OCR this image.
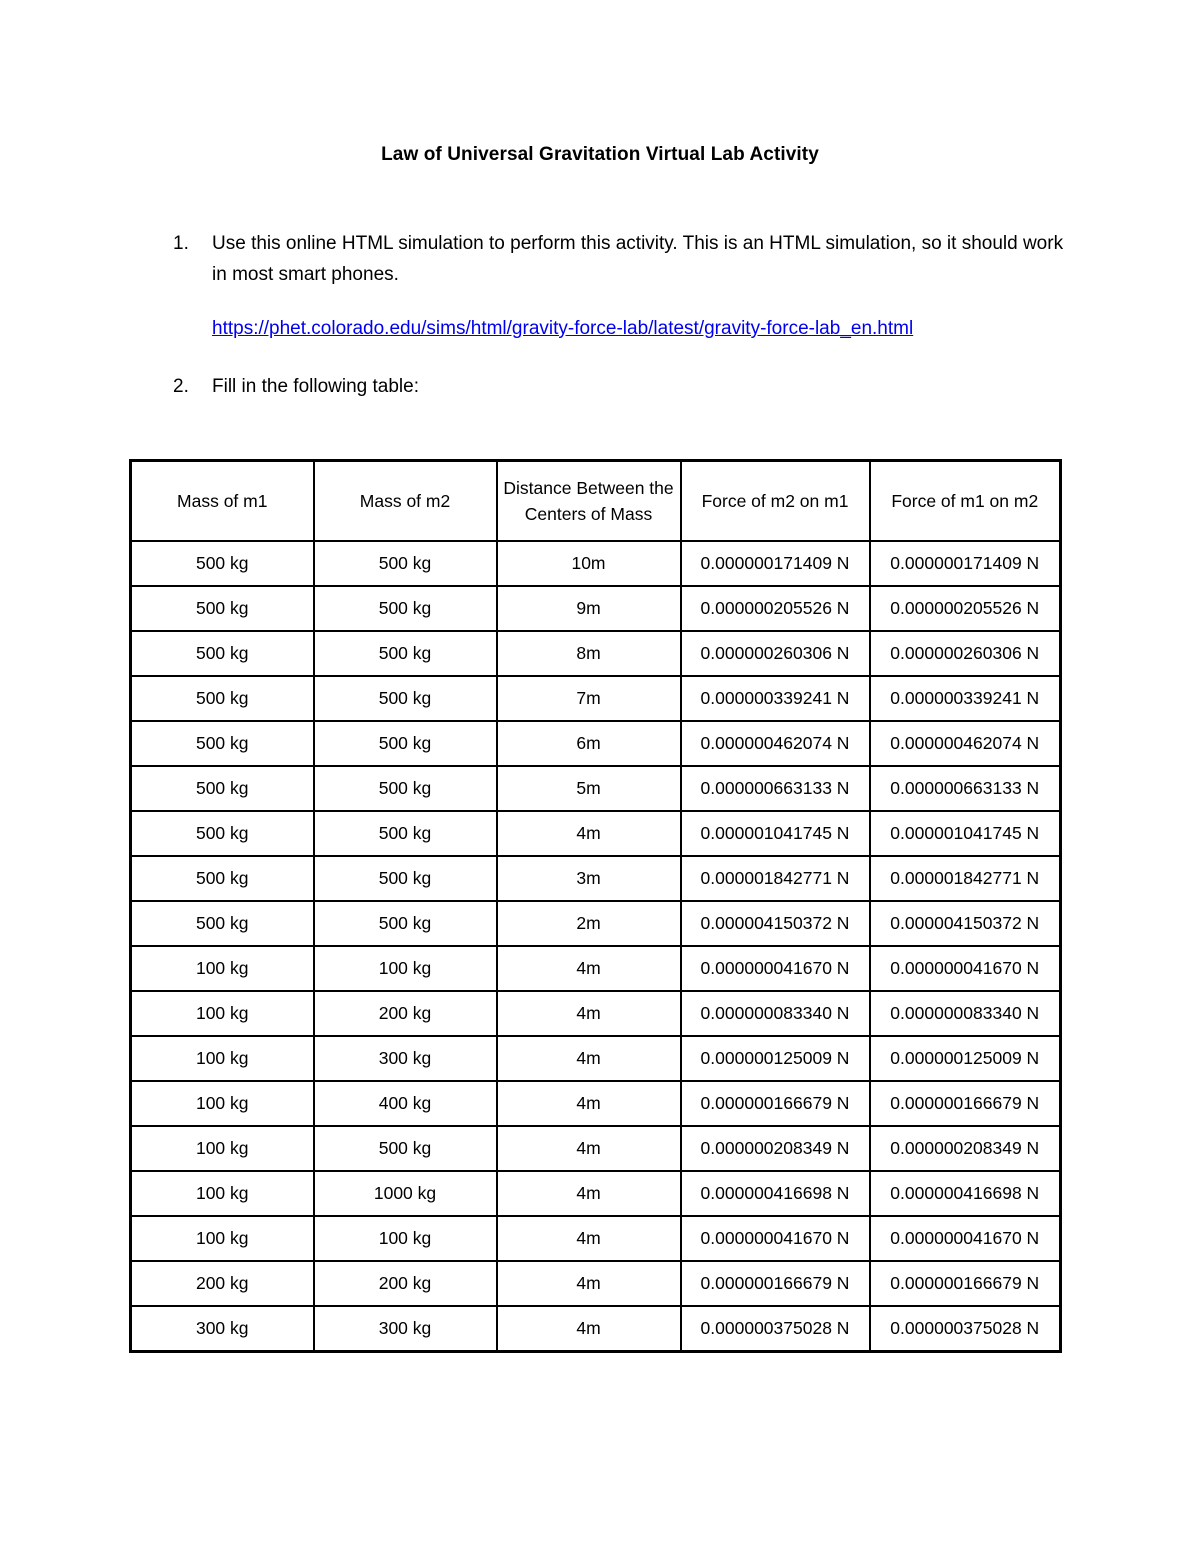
Law of Universal Gravitation Virtual Lab Activity
1. Use this online HTML simulation to perform this activity. This is an HTML simulation, so it should work in most smart phones.
https://phet.colorado.edu/sims/html/gravity-force-lab/latest/gravity-force-lab_en.html
2. Fill in the following table:
Mass of m1	Mass of m2	Distance Between the Centers of Mass	Force of m2 on m1	Force of m1 on m2
500 kg	500 kg	10m	0.000000171409 N	0.000000171409 N
500 kg	500 kg	9m	0.000000205526 N	0.000000205526 N
500 kg	500 kg	8m	0.000000260306 N	0.000000260306 N
500 kg	500 kg	7m	0.000000339241 N	0.000000339241 N
500 kg	500 kg	6m	0.000000462074 N	0.000000462074 N
500 kg	500 kg	5m	0.000000663133 N	0.000000663133 N
500 kg	500 kg	4m	0.000001041745 N	0.000001041745 N
500 kg	500 kg	3m	0.000001842771 N	0.000001842771 N
500 kg	500 kg	2m	0.000004150372 N	0.000004150372 N
100 kg	100 kg	4m	0.000000041670 N	0.000000041670 N
100 kg	200 kg	4m	0.000000083340 N	0.000000083340 N
100 kg	300 kg	4m	0.000000125009 N	0.000000125009 N
100 kg	400 kg	4m	0.000000166679 N	0.000000166679 N
100 kg	500 kg	4m	0.000000208349 N	0.000000208349 N
100 kg	1000 kg	4m	0.000000416698 N	0.000000416698 N
100 kg	100 kg	4m	0.000000041670 N	0.000000041670 N
200 kg	200 kg	4m	0.000000166679 N	0.000000166679 N
300 kg	300 kg	4m	0.000000375028 N	0.000000375028 N
